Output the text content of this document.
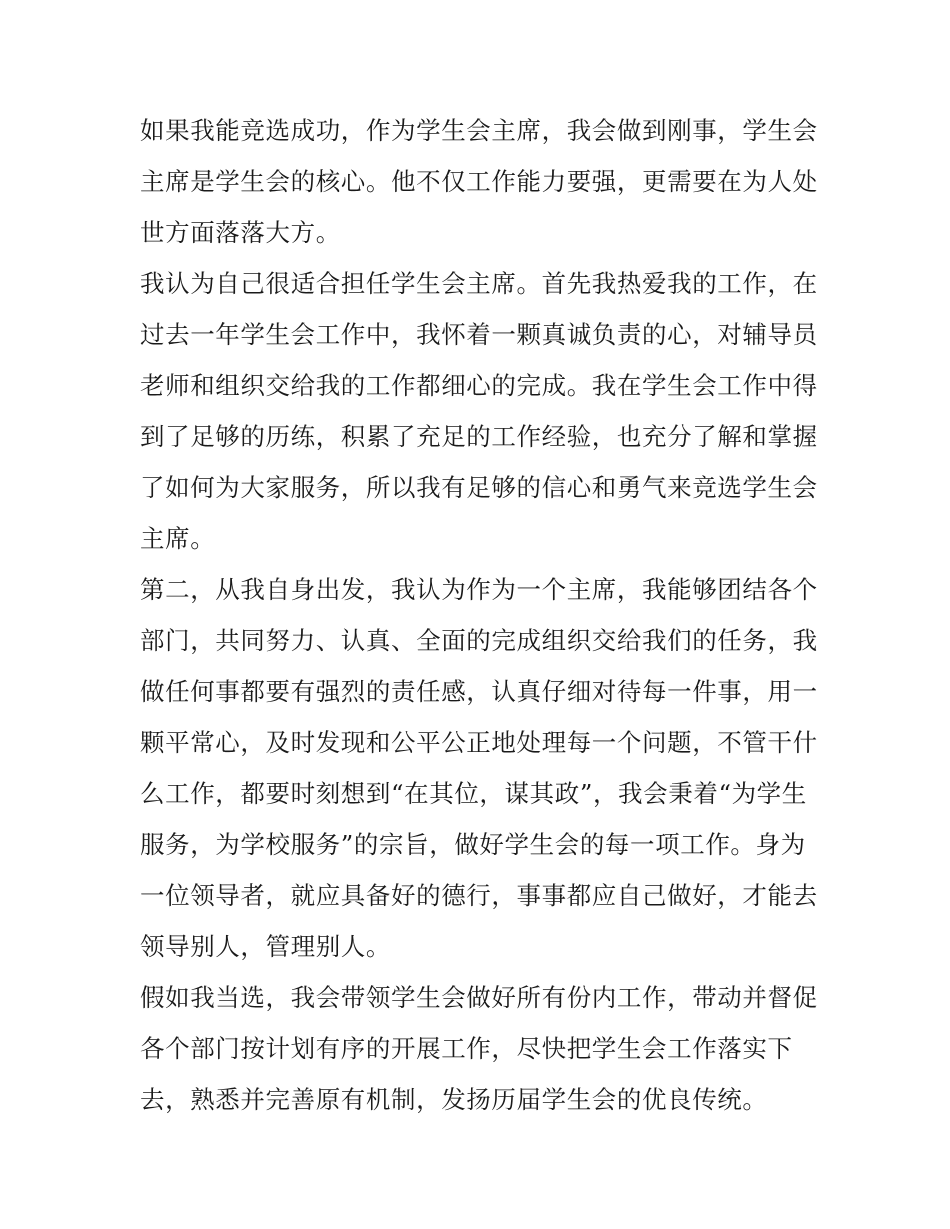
如果我能竞选成功，作为学生会主席，我会做到刚事，学生会
主席是学生会的核心。他不仅工作能力要强，更需要在为人处
世方面落落大方。
我认为自己很适合担任学生会主席。首先我热爱我的工作，在
过去一年学生会工作中，我怀着一颗真诚负责的心，对辅导员
老师和组织交给我的工作都细心的完成。我在学生会工作中得
到了足够的历练，积累了充足的工作经验，也充分了解和掌握
了如何为大家服务，所以我有足够的信心和勇气来竞选学生会
主席。
第二，从我自身出发，我认为作为一个主席，我能够团结各个
部门，共同努力、认真、全面的完成组织交给我们的任务，我
做任何事都要有强烈的责任感，认真仔细对待每一件事，用一
颗平常心，及时发现和公平公正地处理每一个问题，不管干什
么工作，都要时刻想到“在其位，谋其政”，我会秉着“为学生
服务，为学校服务”的宗旨，做好学生会的每一项工作。身为
一位领导者，就应具备好的德行，事事都应自己做好，才能去
领导别人，管理别人。
假如我当选，我会带领学生会做好所有份内工作，带动并督促
各个部门按计划有序的开展工作，尽快把学生会工作落实下
去，熟悉并完善原有机制，发扬历届学生会的优良传统。
